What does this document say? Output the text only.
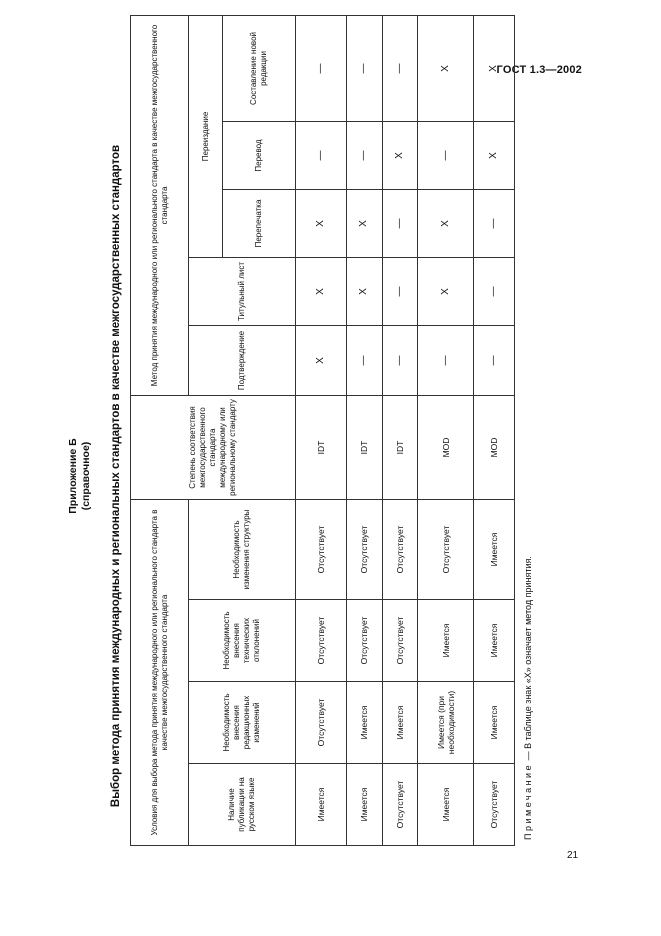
ГОСТ 1.3—2002
Приложение Б (справочное) Выбор метода принятия международных и региональных стандартов в качестве межгосударственных стандартов	Условия для выбора метода принятия международного или регионального стандарта в качестве межгосударственного стандарта				Степень соответствия межгосударственного стандарта международному или региональному стандарту	Метод принятия международного или регионального стандарта в качестве межгосударственного стандарта				
Наличие публикации на русском языке	Необходимость внесения редакционных изменений	Необходимость внесения технических отклонений	Необходимость изменения структуры		Подтверждение	Титульный лист	Переиздание		
							Перепечатка	Перевод	Составление новой редакции
Имеется	Отсутствует	Отсутствует	Отсутствует	IDT	X	X	X	—	—
Имеется	Имеется	Отсутствует	Отсутствует	IDT	—	X	X	—	—
Отсутствует	Имеется	Отсутствует	Отсутствует	IDT	—	—	—	X	—
Имеется	Имеется (при необходимости)	Имеется	Отсутствует	MOD	—	X	X	—	X
Отсутствует	Имеется	Имеется	Имеется	MOD	—	—	—	X	X
Примечание — В таблице знак «X» означает метод принятия.
21
